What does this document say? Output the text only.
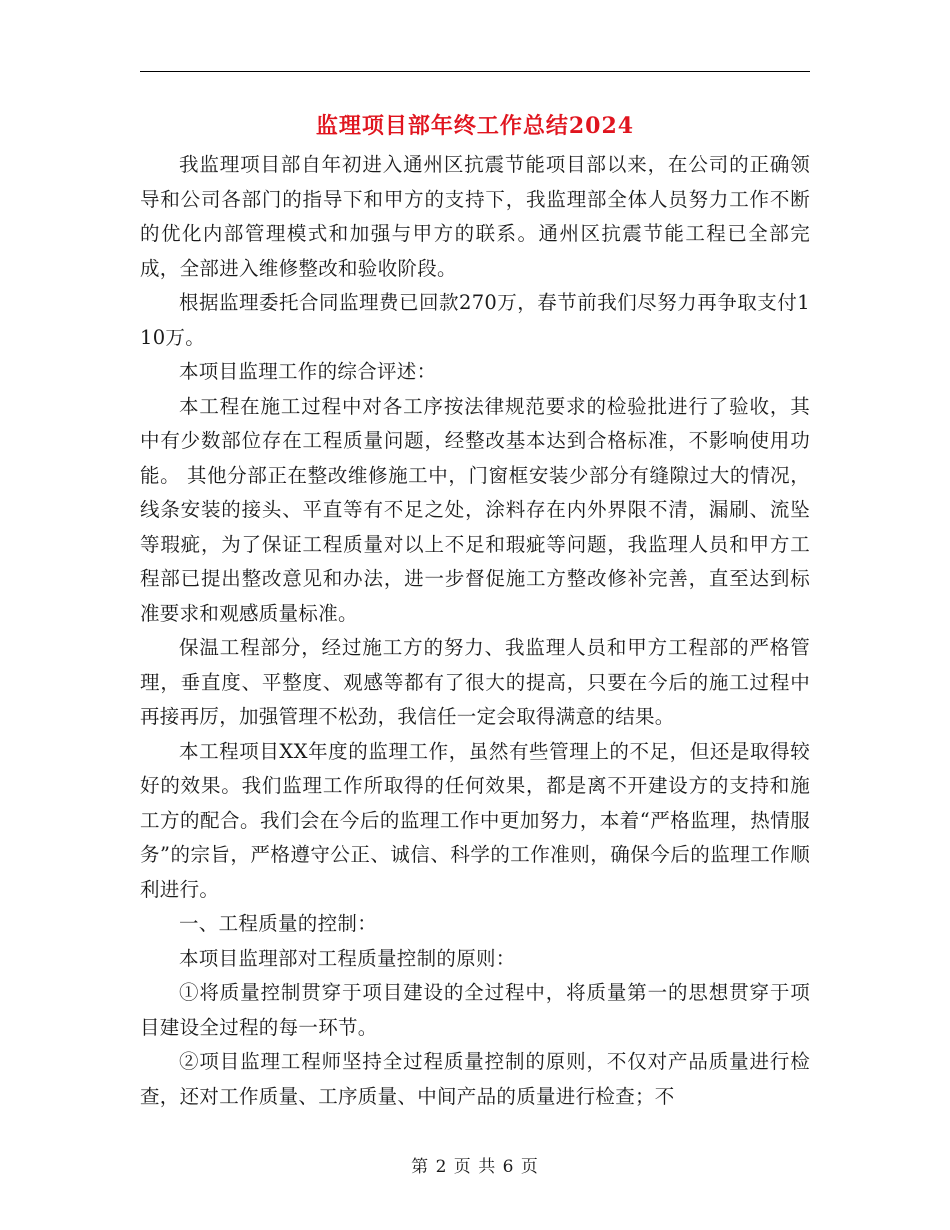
监理项目部年终工作总结2024

我监理项目部自年初进入通州区抗震节能项目部以来，在公司的正确领导和公司各部门的指导下和甲方的支持下，我监理部全体人员努力工作不断的优化内部管理模式和加强与甲方的联系。通州区抗震节能工程已全部完成，全部进入维修整改和验收阶段。

根据监理委托合同监理费已回款270万，春节前我们尽努力再争取支付110万。

本项目监理工作的综合评述：

本工程在施工过程中对各工序按法律规范要求的检验批进行了验收，其中有少数部位存在工程质量问题，经整改基本达到合格标准，不影响使用功能。 其他分部正在整改维修施工中，门窗框安装少部分有缝隙过大的情况，线条安装的接头、平直等有不足之处，涂料存在内外界限不清，漏刷、流坠等瑕疵，为了保证工程质量对以上不足和瑕疵等问题，我监理人员和甲方工程部已提出整改意见和办法，进一步督促施工方整改修补完善，直至达到标准要求和观感质量标准。

保温工程部分，经过施工方的努力、我监理人员和甲方工程部的严格管理，垂直度、平整度、观感等都有了很大的提高，只要在今后的施工过程中再接再厉，加强管理不松劲，我信任一定会取得满意的结果。

本工程项目XX年度的监理工作，虽然有些管理上的不足，但还是取得较好的效果。我们监理工作所取得的任何效果，都是离不开建设方的支持和施工方的配合。我们会在今后的监理工作中更加努力，本着“严格监理，热情服务”的宗旨，严格遵守公正、诚信、科学的工作准则，确保今后的监理工作顺利进行。

一、工程质量的控制：

本项目监理部对工程质量控制的原则：

①将质量控制贯穿于项目建设的全过程中，将质量第一的思想贯穿于项目建设全过程的每一环节。

②项目监理工程师坚持全过程质量控制的原则，不仅对产品质量进行检查，还对工作质量、工序质量、中间产品的质量进行检查；不

第 2 页 共 6 页
